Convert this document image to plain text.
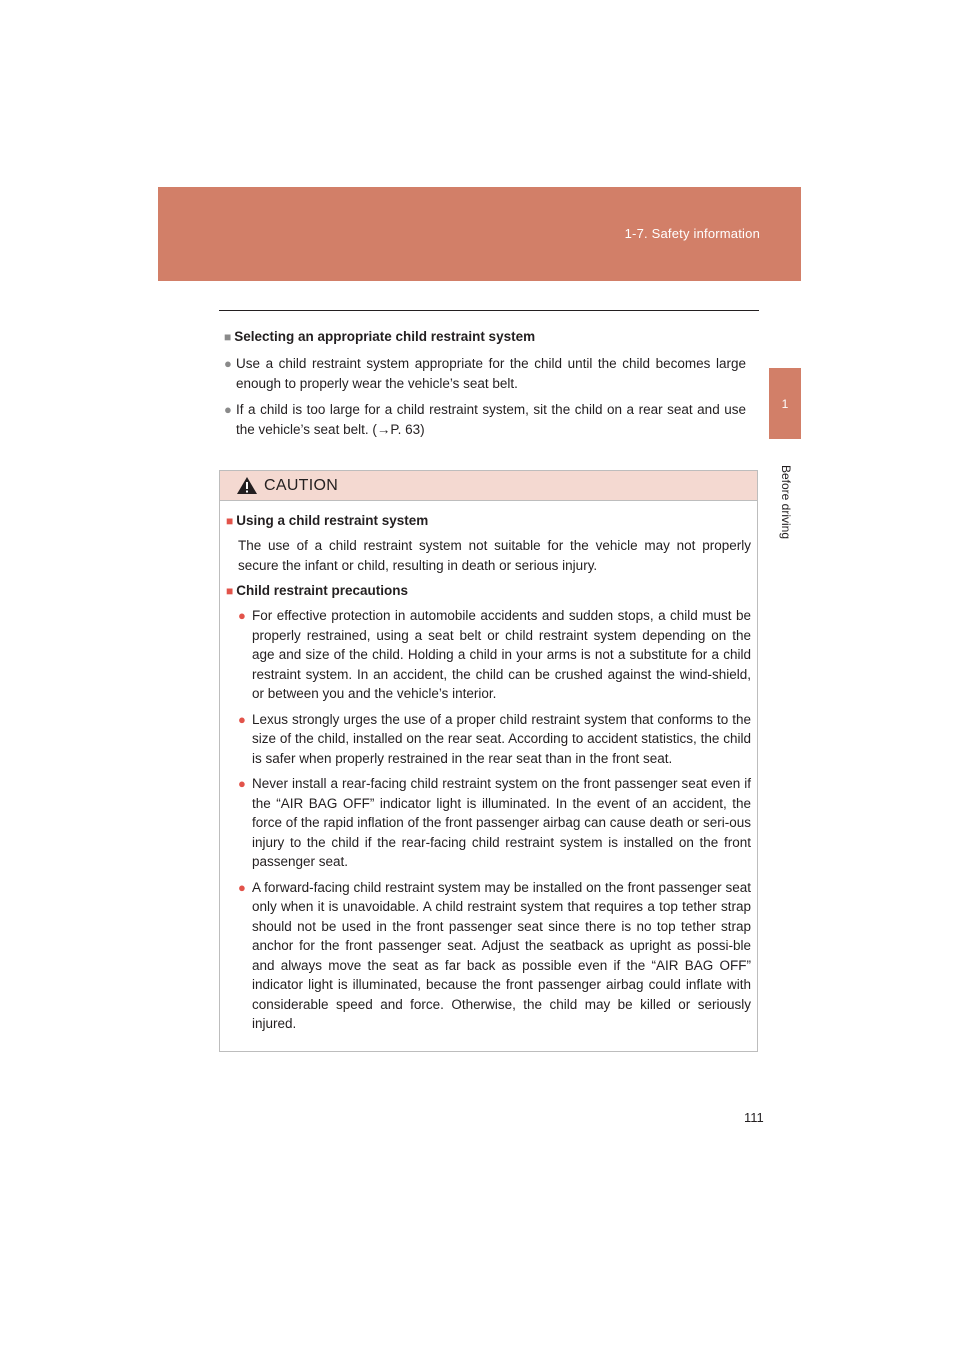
1-7. Safety information
1
Before driving
■ Selecting an appropriate child restraint system
● Use a child restraint system appropriate for the child until the child becomes large enough to properly wear the vehicle’s seat belt.
● If a child is too large for a child restraint system, sit the child on a rear seat and use the vehicle’s seat belt. (→P. 63)
CAUTION
■ Using a child restraint system
The use of a child restraint system not suitable for the vehicle may not properly secure the infant or child, resulting in death or serious injury.
■ Child restraint precautions
● For effective protection in automobile accidents and sudden stops, a child must be properly restrained, using a seat belt or child restraint system depending on the age and size of the child. Holding a child in your arms is not a substitute for a child restraint system. In an accident, the child can be crushed against the wind-shield, or between you and the vehicle’s interior.
● Lexus strongly urges the use of a proper child restraint system that conforms to the size of the child, installed on the rear seat. According to accident statistics, the child is safer when properly restrained in the rear seat than in the front seat.
● Never install a rear-facing child restraint system on the front passenger seat even if the “AIR BAG OFF” indicator light is illuminated. In the event of an accident, the force of the rapid inflation of the front passenger airbag can cause death or seri-ous injury to the child if the rear-facing child restraint system is installed on the front passenger seat.
● A forward-facing child restraint system may be installed on the front passenger seat only when it is unavoidable. A child restraint system that requires a top tether strap should not be used in the front passenger seat since there is no top tether strap anchor for the front passenger seat. Adjust the seatback as upright as possi-ble and always move the seat as far back as possible even if the “AIR BAG OFF” indicator light is illuminated, because the front passenger airbag could inflate with considerable speed and force. Otherwise, the child may be killed or seriously injured.
111
